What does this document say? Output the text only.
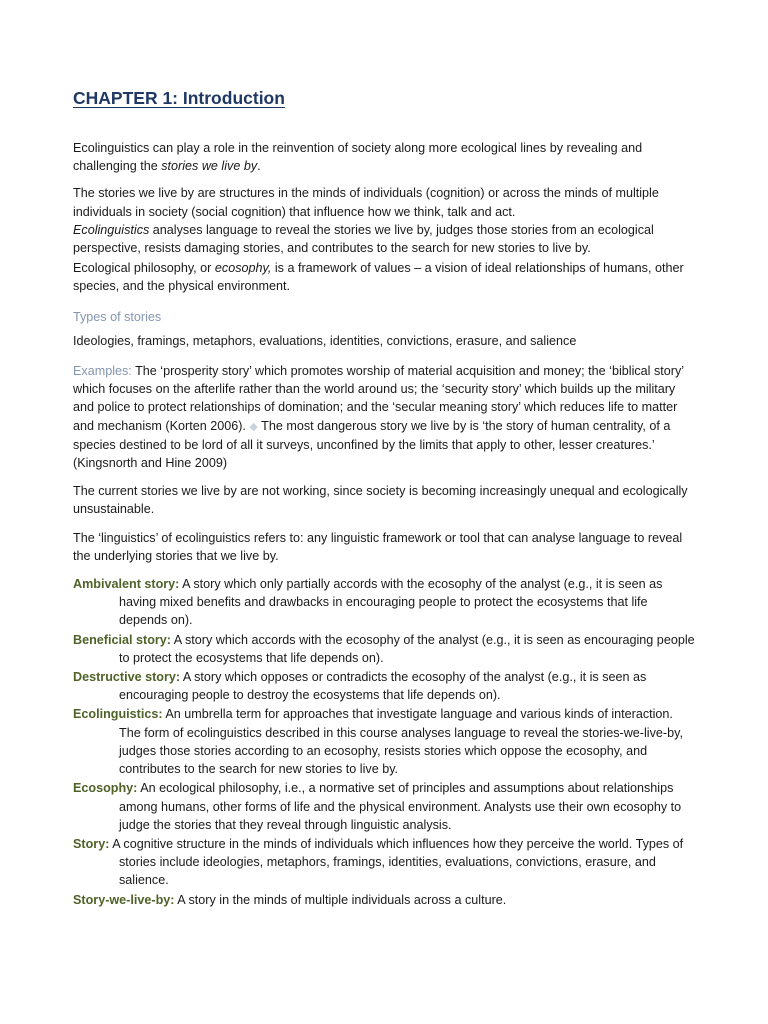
CHAPTER 1: Introduction

Ecolinguistics can play a role in the reinvention of society along more ecological lines by revealing and challenging the stories we live by.

The stories we live by are structures in the minds of individuals (cognition) or across the minds of multiple individuals in society (social cognition) that influence how we think, talk and act.

Ecolinguistics analyses language to reveal the stories we live by, judges those stories from an ecological perspective, resists damaging stories, and contributes to the search for new stories to live by.

Ecological philosophy, or ecosophy, is a framework of values – a vision of ideal relationships of humans, other species, and the physical environment.

Types of stories

Ideologies, framings, metaphors, evaluations, identities, convictions, erasure, and salience

Examples: The ‘prosperity story’ which promotes worship of material acquisition and money; the ‘biblical story’ which focuses on the afterlife rather than the world around us; the ‘security story’ which builds up the military and police to protect relationships of domination; and the ‘secular meaning story’ which reduces life to matter and mechanism (Korten 2006). ◆ The most dangerous story we live by is ‘the story of human centrality, of a species destined to be lord of all it surveys, unconfined by the limits that apply to other, lesser creatures.’ (Kingsnorth and Hine 2009)

The current stories we live by are not working, since society is becoming increasingly unequal and ecologically unsustainable.

The ‘linguistics’ of ecolinguistics refers to: any linguistic framework or tool that can analyse language to reveal the underlying stories that we live by.

Ambivalent story: A story which only partially accords with the ecosophy of the analyst (e.g., it is seen as having mixed benefits and drawbacks in encouraging people to protect the ecosystems that life depends on).

Beneficial story: A story which accords with the ecosophy of the analyst (e.g., it is seen as encouraging people to protect the ecosystems that life depends on).

Destructive story: A story which opposes or contradicts the ecosophy of the analyst (e.g., it is seen as encouraging people to destroy the ecosystems that life depends on).

Ecolinguistics: An umbrella term for approaches that investigate language and various kinds of interaction. The form of ecolinguistics described in this course analyses language to reveal the stories-we-live-by, judges those stories according to an ecosophy, resists stories which oppose the ecosophy, and contributes to the search for new stories to live by.

Ecosophy: An ecological philosophy, i.e., a normative set of principles and assumptions about relationships among humans, other forms of life and the physical environment. Analysts use their own ecosophy to judge the stories that they reveal through linguistic analysis.

Story: A cognitive structure in the minds of individuals which influences how they perceive the world. Types of stories include ideologies, metaphors, framings, identities, evaluations, convictions, erasure, and salience.

Story-we-live-by: A story in the minds of multiple individuals across a culture.
